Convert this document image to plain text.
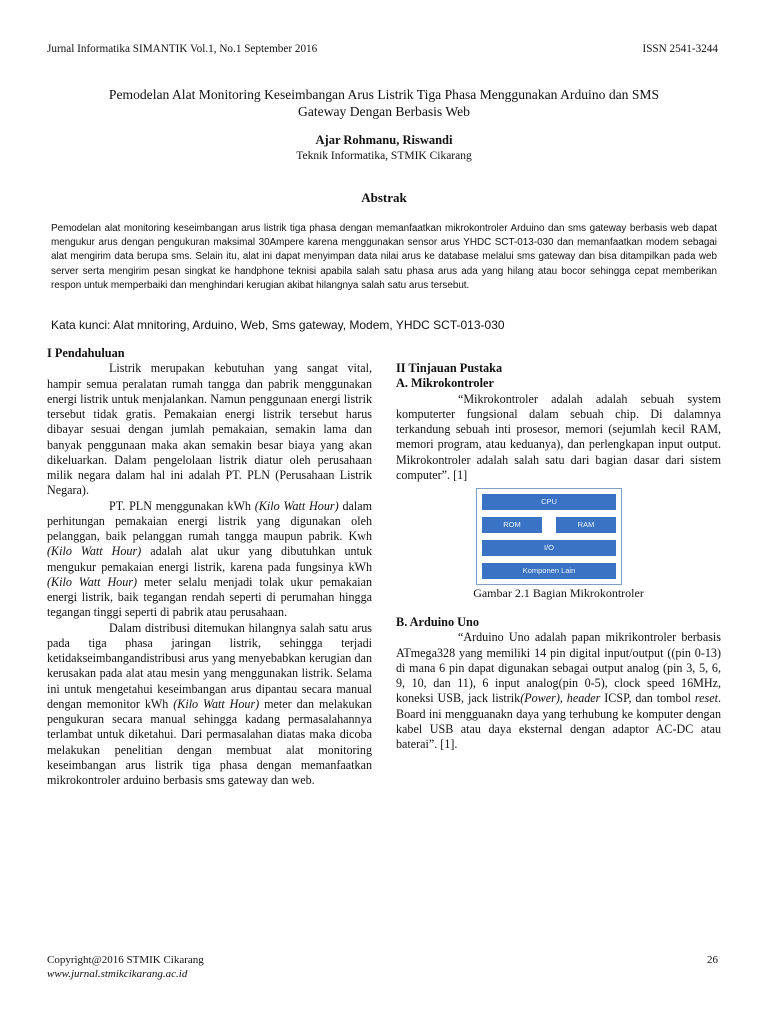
Jurnal Informatika SIMANTIK Vol.1, No.1 September 2016	ISSN 2541-3244
Pemodelan Alat Monitoring Keseimbangan Arus Listrik Tiga Phasa Menggunakan Arduino dan SMS
Gateway Dengan Berbasis Web
Ajar Rohmanu, Riswandi
Teknik Informatika, STMIK Cikarang
Abstrak
Pemodelan alat monitoring keseimbangan arus listrik tiga phasa dengan memanfaatkan mikrokontroler Arduino dan sms gateway berbasis web dapat mengukur arus dengan pengukuran maksimal 30Ampere karena menggunakan sensor arus YHDC SCT-013-030 dan memanfaatkan modem sebagai alat mengirim data berupa sms. Selain itu, alat ini dapat menyimpan data nilai arus ke database melalui sms gateway dan bisa ditampilkan pada web server serta mengirim pesan singkat ke handphone teknisi apabila salah satu phasa arus ada yang hilang atau bocor sehingga cepat memberikan respon untuk memperbaiki dan menghindari kerugian akibat hilangnya salah satu arus tersebut.
Kata kunci: Alat mnitoring, Arduino, Web, Sms gateway, Modem, YHDC SCT-013-030
I Pendahuluan

Listrik merupakan kebutuhan yang sangat vital, hampir semua peralatan rumah tangga dan pabrik menggunakan energi listrik untuk menjalankan. Namun penggunaan energi listrik tersebut tidak gratis. Pemakaian energi listrik tersebut harus dibayar sesuai dengan jumlah pemakaian, semakin lama dan banyak penggunaan maka akan semakin besar biaya yang akan dikeluarkan. Dalam pengelolaan listrik diatur oleh perusahaan milik negara dalam hal ini adalah PT. PLN (Perusahaan Listrik Negara).

PT. PLN menggunakan kWh (Kilo Watt Hour) dalam perhitungan pemakaian energi listrik yang digunakan oleh pelanggan, baik pelanggan rumah tangga maupun pabrik. Kwh (Kilo Watt Hour) adalah alat ukur yang dibutuhkan untuk mengukur pemakaian energi listrik, karena pada fungsinya kWh (Kilo Watt Hour) meter selalu menjadi tolak ukur pemakaian energi listrik, baik tegangan rendah seperti di perumahan hingga tegangan tinggi seperti di pabrik atau perusahaan.

Dalam distribusi ditemukan hilangnya salah satu arus pada tiga phasa jaringan listrik, sehingga terjadi ketidakseimbangandistribusi arus yang menyebabkan kerugian dan kerusakan pada alat atau mesin yang menggunakan listrik. Selama ini untuk mengetahui keseimbangan arus dipantau secara manual dengan memonitor kWh (Kilo Watt Hour) meter dan melakukan pengukuran secara manual sehingga kadang permasalahannya terlambat untuk diketahui. Dari permasalahan diatas maka dicoba melakukan penelitian dengan membuat alat monitoring keseimbangan arus listrik tiga phasa dengan memanfaatkan mikrokontroler arduino berbasis sms gateway dan web.

II Tinjauan Pustaka
A. Mikrokontroler

“Mikrokontroler adalah adalah sebuah system komputerter fungsional dalam sebuah chip. Di dalamnya terkandung sebuah inti prosesor, memori (sejumlah kecil RAM, memori program, atau keduanya), dan perlengkapan input output. Mikrokontroler adalah salah satu dari bagian dasar dari sistem computer”. [1]

CPU
ROM	RAM
I/O
Komponen Lain
Gambar 2.1 Bagian Mikrokontroler
B. Arduino Uno

“Arduino Uno adalah papan mikrikontroler berbasis ATmega328 yang memiliki 14 pin digital input/output ((pin 0-13) di mana 6 pin dapat digunakan sebagai output analog (pin 3, 5, 6, 9, 10, dan 11), 6 input analog(pin 0-5), clock speed 16MHz, koneksi USB, jack listrik(Power), header ICSP, dan tombol reset. Board ini mengguanakn daya yang terhubung ke komputer dengan kabel USB atau daya eksternal dengan adaptor AC-DC atau baterai”. [1].

Copyright@2016 STMIK Cikarang
www.jurnal.stmikcikarang.ac.id
26
